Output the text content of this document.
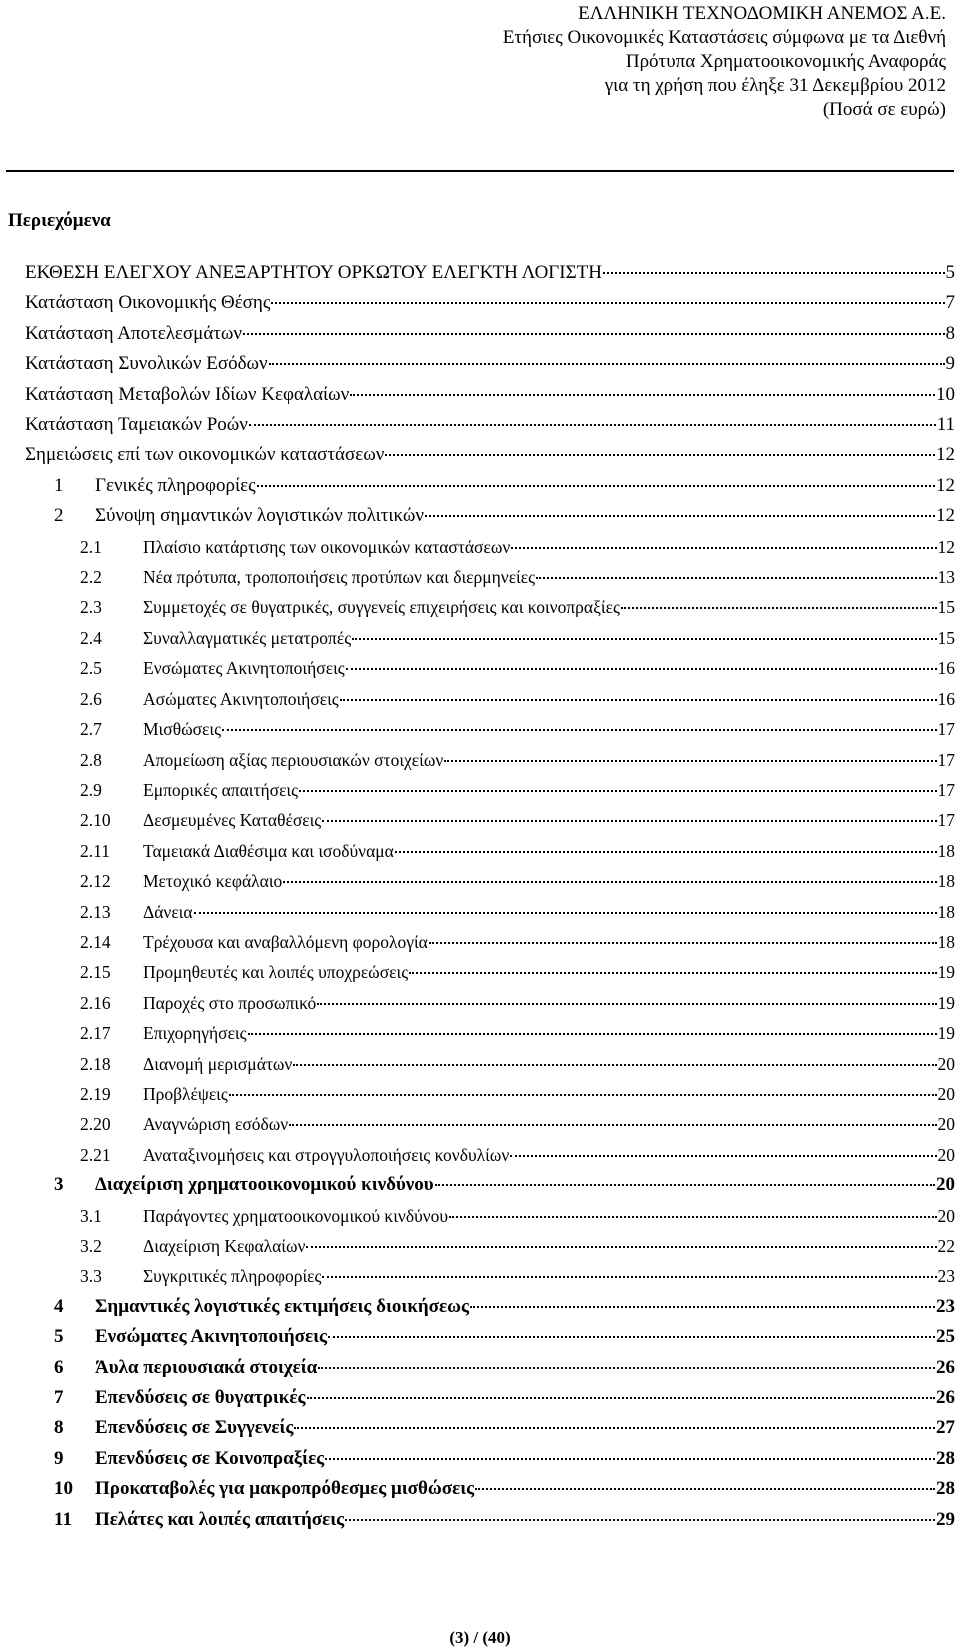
ΕΛΛΗΝΙΚΗ ΤΕΧΝΟΔΟΜΙΚΗ ΑΝΕΜΟΣ Α.Ε.
Ετήσιες Οικονομικές Καταστάσεις σύμφωνα με τα Διεθνή
Πρότυπα Χρηματοοικονομικής Αναφοράς
για τη χρήση που έληξε 31 Δεκεμβρίου 2012
(Ποσά σε ευρώ)
Περιεχόμενα
ΕΚΘΕΣΗ ΕΛΕΓΧΟΥ ΑΝΕΞΑΡΤΗΤΟΥ ΟΡΚΩΤΟΥ ΕΛΕΓΚΤΗ ΛΟΓΙΣΤΗ	5
Κατάσταση Οικονομικής Θέσης	7
Κατάσταση Αποτελεσμάτων	8
Κατάσταση Συνολικών Εσόδων	9
Κατάσταση Μεταβολών Ιδίων Κεφαλαίων	10
Κατάσταση Ταμειακών Ροών	11
Σημειώσεις επί των οικονομικών καταστάσεων	12
1	Γενικές πληροφορίες	12
2	Σύνοψη σημαντικών λογιστικών πολιτικών	12
2.1	Πλαίσιο κατάρτισης των οικονομικών καταστάσεων	12
2.2	Νέα πρότυπα, τροποποιήσεις προτύπων και διερμηνείες	13
2.3	Συμμετοχές σε θυγατρικές, συγγενείς επιχειρήσεις και κοινοπραξίες	15
2.4	Συναλλαγματικές μετατροπές	15
2.5	Ενσώματες Ακινητοποιήσεις	16
2.6	Ασώματες Ακινητοποιήσεις	16
2.7	Μισθώσεις	17
2.8	Απομείωση αξίας περιουσιακών στοιχείων	17
2.9	Εμπορικές απαιτήσεις	17
2.10	Δεσμευμένες Καταθέσεις	17
2.11	Ταμειακά Διαθέσιμα και ισοδύναμα	18
2.12	Μετοχικό κεφάλαιο	18
2.13	Δάνεια	18
2.14	Τρέχουσα και αναβαλλόμενη φορολογία	18
2.15	Προμηθευτές και λοιπές υποχρεώσεις	19
2.16	Παροχές στο προσωπικό	19
2.17	Επιχορηγήσεις	19
2.18	Διανομή μερισμάτων	20
2.19	Προβλέψεις	20
2.20	Αναγνώριση εσόδων	20
2.21	Αναταξινομήσεις και στρογγυλοποιήσεις κονδυλίων	20
3	Διαχείριση χρηματοοικονομικού κινδύνου	20
3.1	Παράγοντες χρηματοοικονομικού κινδύνου	20
3.2	Διαχείριση Κεφαλαίων	22
3.3	Συγκριτικές πληροφορίες	23
4	Σημαντικές λογιστικές εκτιμήσεις διοικήσεως	23
5	Ενσώματες Ακινητοποιήσεις	25
6	Άυλα περιουσιακά στοιχεία	26
7	Επενδύσεις σε θυγατρικές	26
8	Επενδύσεις σε Συγγενείς	27
9	Επενδύσεις σε Κοινοπραξίες	28
10	Προκαταβολές για μακροπρόθεσμες μισθώσεις	28
11	Πελάτες και λοιπές απαιτήσεις	29
(3) / (40)
